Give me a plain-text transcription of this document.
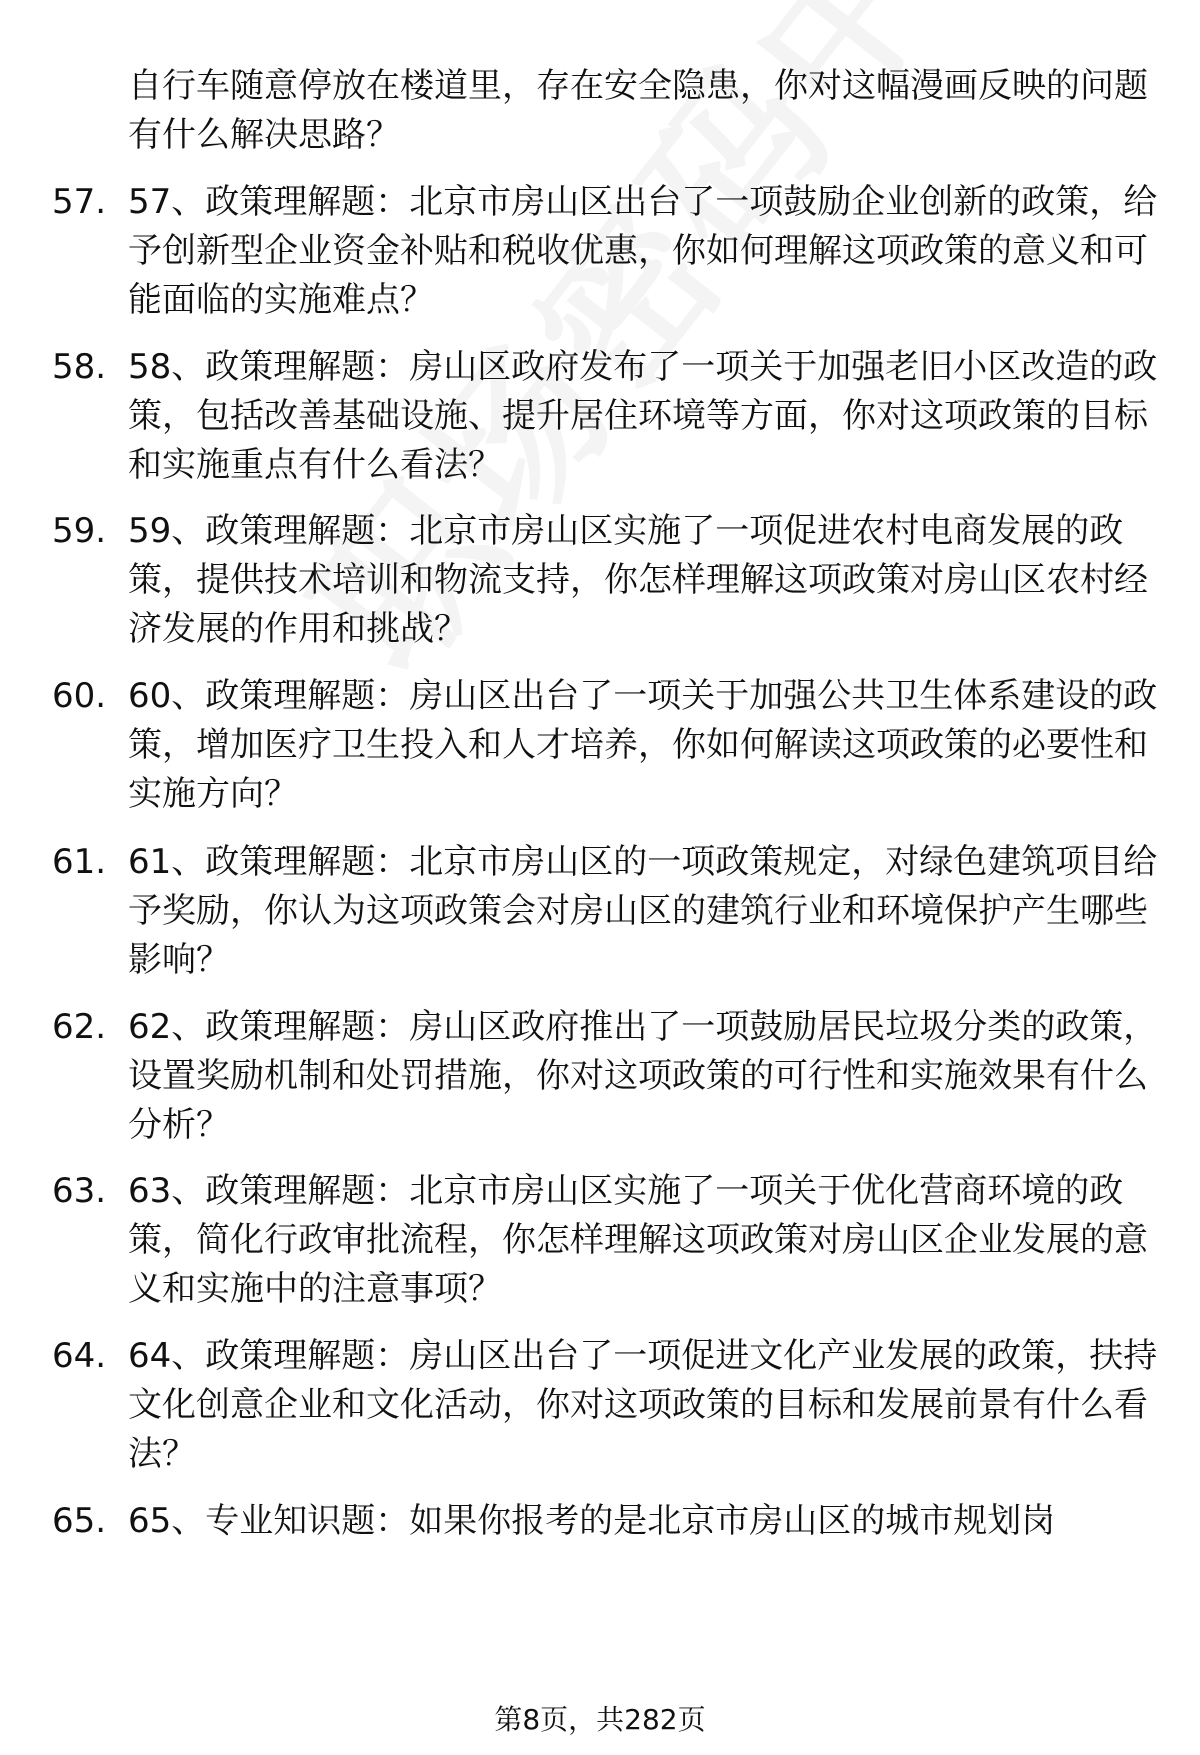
自行车随意停放在楼道里，存在安全隐患，你对这幅漫画反映的问题有什么解决思路？

57. 57、政策理解题：北京市房山区出台了一项鼓励企业创新的政策，给予创新型企业资金补贴和税收优惠，你如何理解这项政策的意义和可能面临的实施难点？

58. 58、政策理解题：房山区政府发布了一项关于加强老旧小区改造的政策，包括改善基础设施、提升居住环境等方面，你对这项政策的目标和实施重点有什么看法？

59. 59、政策理解题：北京市房山区实施了一项促进农村电商发展的政策，提供技术培训和物流支持，你怎样理解这项政策对房山区农村经济发展的作用和挑战？

60. 60、政策理解题：房山区出台了一项关于加强公共卫生体系建设的政策，增加医疗卫生投入和人才培养，你如何解读这项政策的必要性和实施方向？

61. 61、政策理解题：北京市房山区的一项政策规定，对绿色建筑项目给予奖励，你认为这项政策会对房山区的建筑行业和环境保护产生哪些影响？

62. 62、政策理解题：房山区政府推出了一项鼓励居民垃圾分类的政策，设置奖励机制和处罚措施，你对这项政策的可行性和实施效果有什么分析？

63. 63、政策理解题：北京市房山区实施了一项关于优化营商环境的政策，简化行政审批流程，你怎样理解这项政策对房山区企业发展的意义和实施中的注意事项？

64. 64、政策理解题：房山区出台了一项促进文化产业发展的政策，扶持文化创意企业和文化活动，你对这项政策的目标和发展前景有什么看法？

65. 65、专业知识题：如果你报考的是北京市房山区的城市规划岗

第8页，共282页
